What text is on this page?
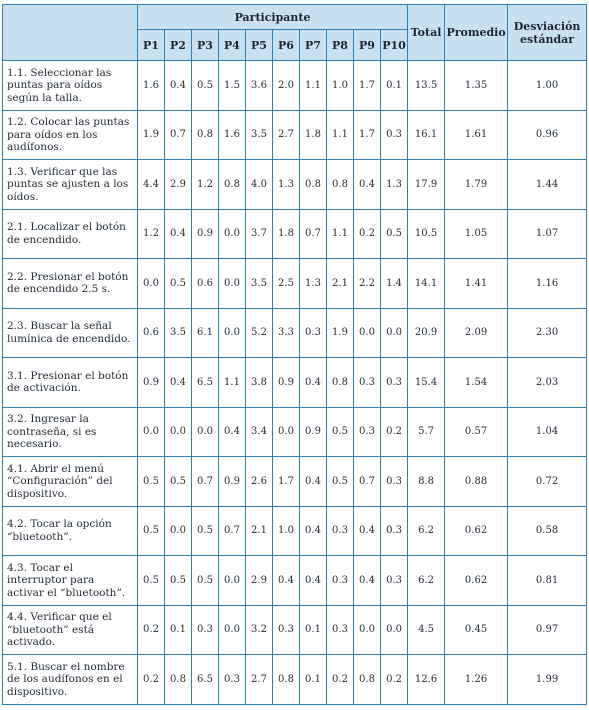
	Participante										Total	Promedio	Desviación estándar
	P1	P2	P3	P4	P5	P6	P7	P8	P9	P10			
1.1. Seleccionar las puntas para oídos según la talla.	1.6	0.4	0.5	1.5	3.6	2.0	1.1	1.0	1.7	0.1	13.5	1.35	1.00
1.2. Colocar las puntas para oídos en los audífonos.	1.9	0.7	0.8	1.6	3.5	2.7	1.8	1.1	1.7	0.3	16.1	1.61	0.96
1.3. Verificar que las puntas se ajusten a los oídos.	4.4	2.9	1.2	0.8	4.0	1.3	0.8	0.8	0.4	1.3	17.9	1.79	1.44
2.1. Localizar el botón de encendido.	1.2	0.4	0.9	0.0	3.7	1.8	0.7	1.1	0.2	0.5	10.5	1.05	1.07
2.2. Presionar el botón de encendido 2.5 s.	0.0	0.5	0.6	0.0	3.5	2.5	1.3	2.1	2.2	1.4	14.1	1.41	1.16
2.3. Buscar la señal lumínica de encendido.	0.6	3.5	6.1	0.0	5.2	3.3	0.3	1.9	0.0	0.0	20.9	2.09	2.30
3.1. Presionar el botón de activación.	0.9	0.4	6.5	1.1	3.8	0.9	0.4	0.8	0.3	0.3	15.4	1.54	2.03
3.2. Ingresar la contraseña, si es necesario.	0.0	0.0	0.0	0.4	3.4	0.0	0.9	0.5	0.3	0.2	5.7	0.57	1.04
4.1. Abrir el menú “Configuración” del dispositivo.	0.5	0.5	0.7	0.9	2.6	1.7	0.4	0.5	0.7	0.3	8.8	0.88	0.72
4.2. Tocar la opción “bluetooth”.	0.5	0.0	0.5	0.7	2.1	1.0	0.4	0.3	0.4	0.3	6.2	0.62	0.58
4.3. Tocar el interruptor para activar el “bluetooth”.	0.5	0.5	0.5	0.0	2.9	0.4	0.4	0.3	0.4	0.3	6.2	0.62	0.81
4.4. Verificar que el “bluetooth” está activado.	0.2	0.1	0.3	0.0	3.2	0.3	0.1	0.3	0.0	0.0	4.5	0.45	0.97
5.1. Buscar el nombre de los audífonos en el dispositivo.	0.2	0.8	6.5	0.3	2.7	0.8	0.1	0.2	0.8	0.2	12.6	1.26	1.99
